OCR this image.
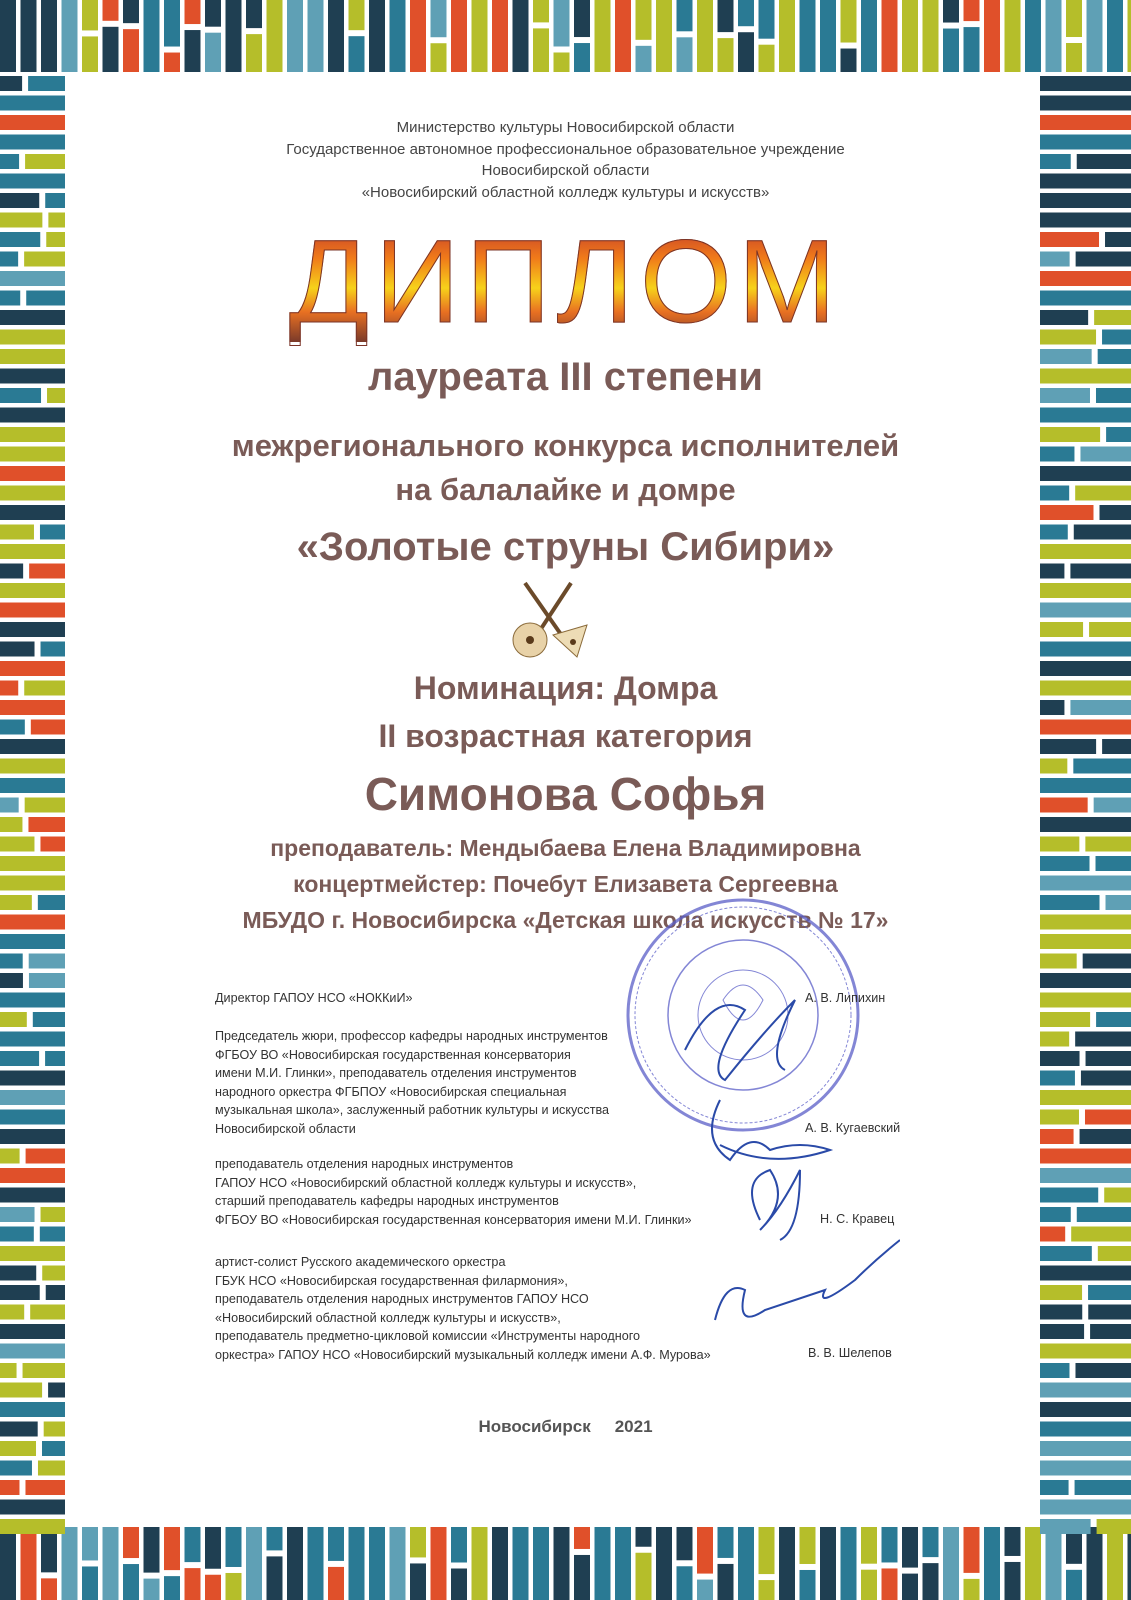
Министерство культуры Новосибирской области
Государственное автономное профессиональное образовательное учреждение
Новосибирской области
«Новосибирский областной колледж культуры и искусств»
ДИПЛОМ
лауреата III степени
межрегионального конкурса исполнителей
на балалайке и домре
«Золотые струны Сибири»
Номинация: Домра
II возрастная категория
Симонова Софья
преподаватель: Мендыбаева Елена Владимировна
концертмейстер: Почебут Елизавета Сергеевна
МБУДО г. Новосибирска «Детская школа искусств № 17»
Директор ГАПОУ НСО «НОККиИ»	А. В. Липихин
Председатель жюри, профессор кафедры народных инструментов
ФГБОУ ВО «Новосибирская государственная консерватория
имени М.И. Глинки», преподаватель отделения инструментов
народного оркестра ФГБПОУ «Новосибирская специальная
музыкальная школа», заслуженный работник культуры и искусства
Новосибирской области	А. В. Кугаевский
преподаватель отделения народных инструментов
ГАПОУ НСО «Новосибирский областной колледж культуры и искусств»,
старший преподаватель кафедры народных инструментов
ФГБОУ ВО «Новосибирская государственная консерватория имени М.И. Глинки»	Н. С. Кравец
артист-солист Русского академического оркестра
ГБУК НСО «Новосибирская государственная филармония»,
преподаватель отделения народных инструментов ГАПОУ НСО
«Новосибирский областной колледж культуры и искусств»,
преподаватель предметно-цикловой комиссии «Инструменты народного
оркестра» ГАПОУ НСО «Новосибирский музыкальный колледж имени А.Ф. Мурова»	В. В. Шелепов
Новосибирск 2021
